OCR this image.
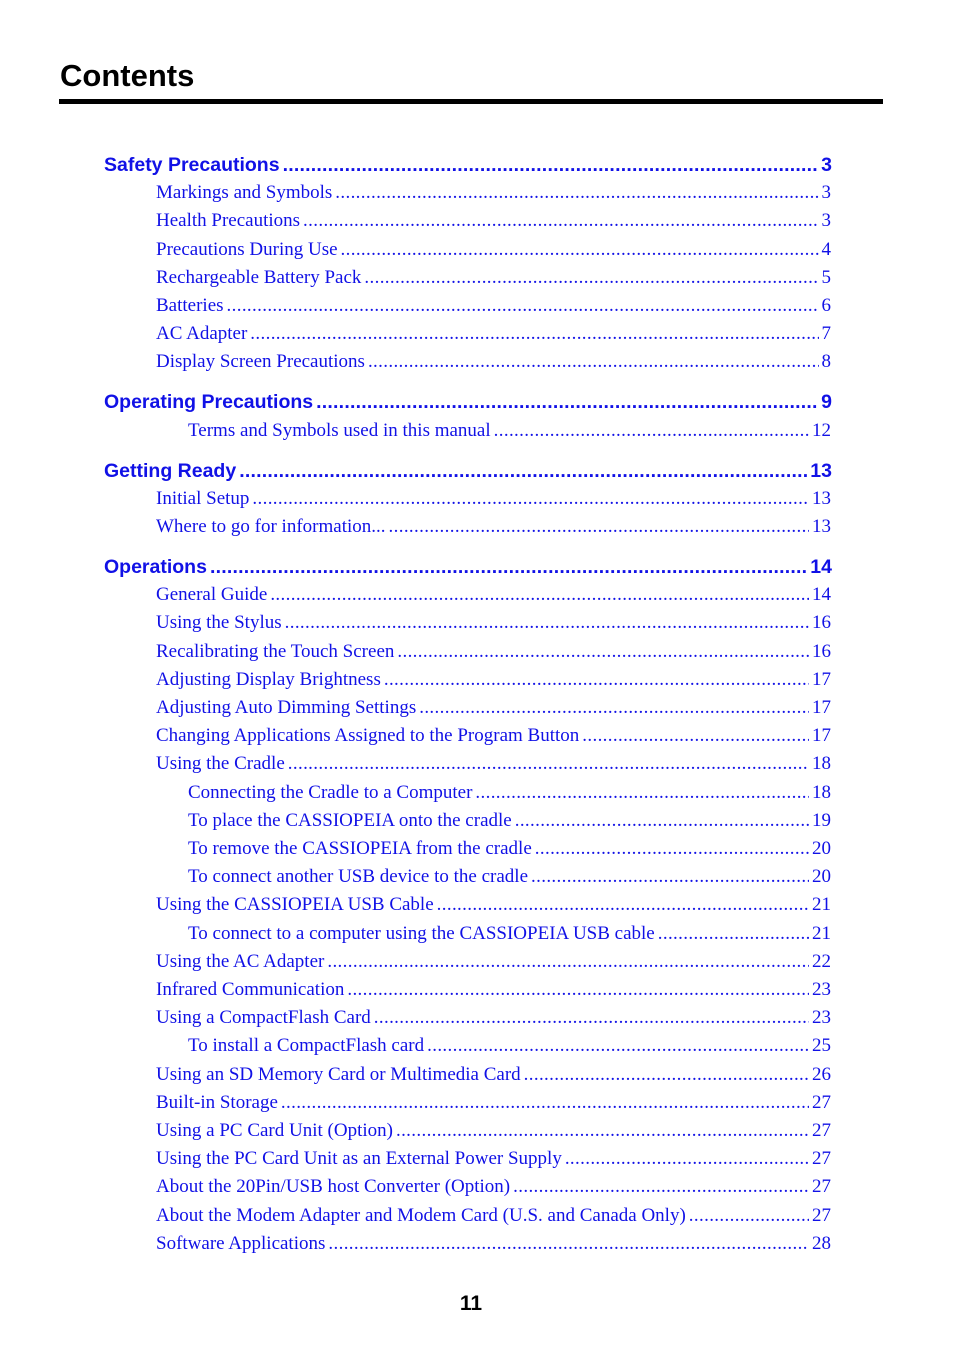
Contents
Safety Precautions . . .	3
Markings and Symbols . . .	3
Health Precautions . . .	3
Precautions During Use . . .	4
Rechargeable Battery Pack . . .	5
Batteries . . .	6
AC Adapter . . .	7
Display Screen Precautions . . .	8
Operating Precautions . . .	9
Terms and Symbols used in this manual . . .	12
Getting Ready . . .	13
Initial Setup . . .	13
Where to go for information... . . .	13
Operations . . .	14
General Guide . . .	14
Using the Stylus . . .	16
Recalibrating the Touch Screen . . .	16
Adjusting Display Brightness . . .	17
Adjusting Auto Dimming Settings . . .	17
Changing Applications Assigned to the Program Button . . .	17
Using the Cradle . . .	18
Connecting the Cradle to a Computer . . .	18
To place the CASSIOPEIA onto the cradle . . .	19
To remove the CASSIOPEIA from the cradle . . .	20
To connect another USB device to the cradle . . .	20
Using the CASSIOPEIA USB Cable . . .	21
To connect to a computer using the CASSIOPEIA USB cable . . .	21
Using the AC Adapter . . .	22
Infrared Communication . . .	23
Using a CompactFlash Card . . .	23
To install a CompactFlash card . . .	25
Using an SD Memory Card or Multimedia Card . . .	26
Built-in Storage . . .	27
Using a PC Card Unit (Option) . . .	27
Using the PC Card Unit as an External Power Supply . . .	27
About the 20Pin/USB host Converter (Option) . . .	27
About the Modem Adapter and Modem Card (U.S. and Canada Only) . . .	27
Software Applications . . .	28
11
